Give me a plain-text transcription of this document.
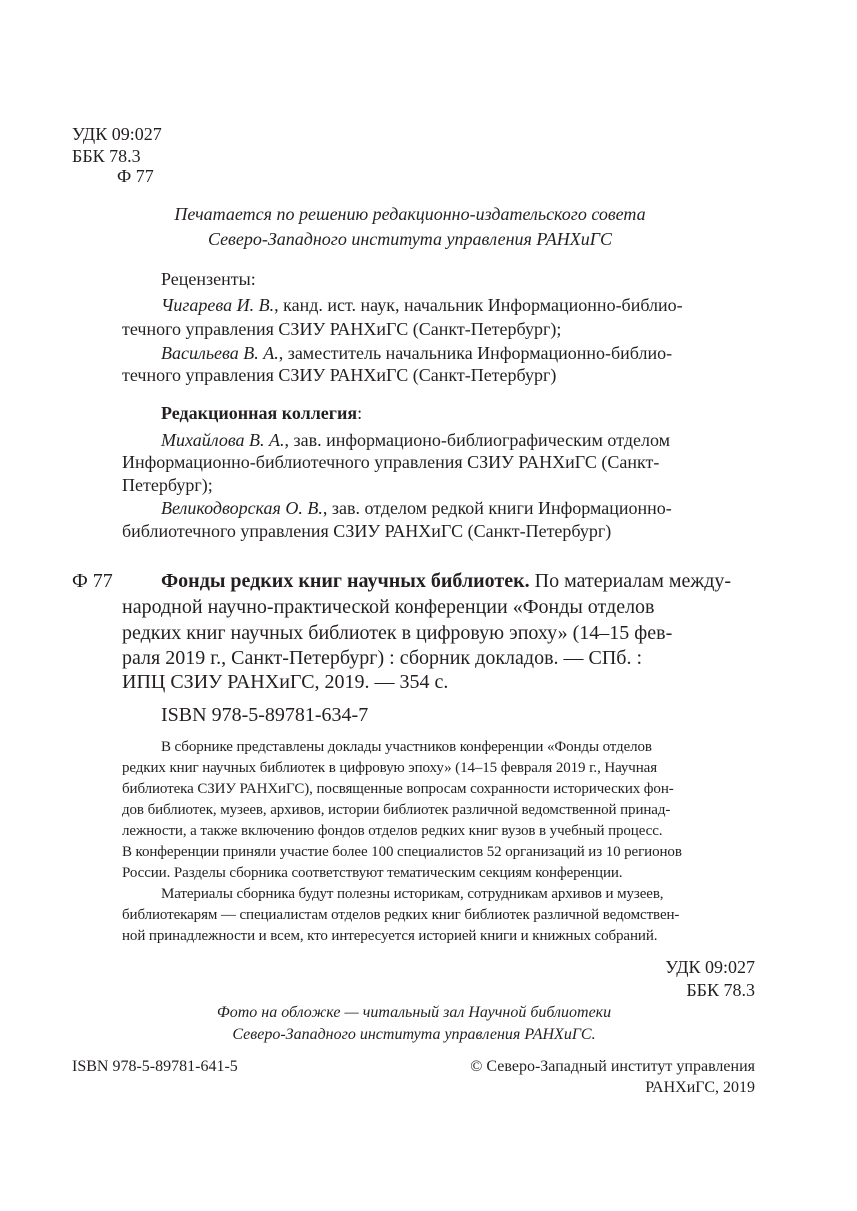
УДК 09:027
ББК 78.3
Ф 77
Печатается по решению редакционно-издательского совета
Северо-Западного института управления РАНХиГС
Рецензенты:
Чигарева И. В., канд. ист. наук, начальник Информационно-библио-
течного управления СЗИУ РАНХиГС (Санкт-Петербург);
Васильева В. А., заместитель начальника Информационно-библио-
течного управления СЗИУ РАНХиГС (Санкт-Петербург)
Редакционная коллегия:
Михайлова В. А., зав. информационо-библиографическим отделом
Информационно-библиотечного управления СЗИУ РАНХиГС (Санкт-
Петербург);
Великодворская О. В., зав. отделом редкой книги Информационно-
библиотечного управления СЗИУ РАНХиГС (Санкт-Петербург)
Ф 77 Фонды редких книг научных библиотек. По материалам между-
народной научно-практической конференции «Фонды отделов
редких книг научных библиотек в цифровую эпоху» (14–15 фев-
раля 2019 г., Санкт-Петербург) : сборник докладов. — СПб. :
ИПЦ СЗИУ РАНХиГС, 2019. — 354 с.
ISBN 978-5-89781-634-7
В сборнике представлены доклады участников конференции «Фонды отделов
редких книг научных библиотек в цифровую эпоху» (14–15 февраля 2019 г., Научная
библиотека СЗИУ РАНХиГС), посвященные вопросам сохранности исторических фон-
дов библиотек, музеев, архивов, истории библиотек различной ведомственной принад-
лежности, а также включению фондов отделов редких книг вузов в учебный процесс.
В конференции приняли участие более 100 специалистов 52 организаций из 10 регионов
России. Разделы сборника соответствуют тематическим секциям конференции.
Материалы сборника будут полезны историкам, сотрудникам архивов и музеев,
библиотекарям — специалистам отделов редких книг библиотек различной ведомствен-
ной принадлежности и всем, кто интересуется историей книги и книжных собраний.
УДК 09:027
ББК 78.3
Фото на обложке — читальный зал Научной библиотеки
Северо-Западного института управления РАНХиГС.
ISBN 978-5-89781-641-5	© Северо-Западный институт управления
РАНХиГС, 2019
